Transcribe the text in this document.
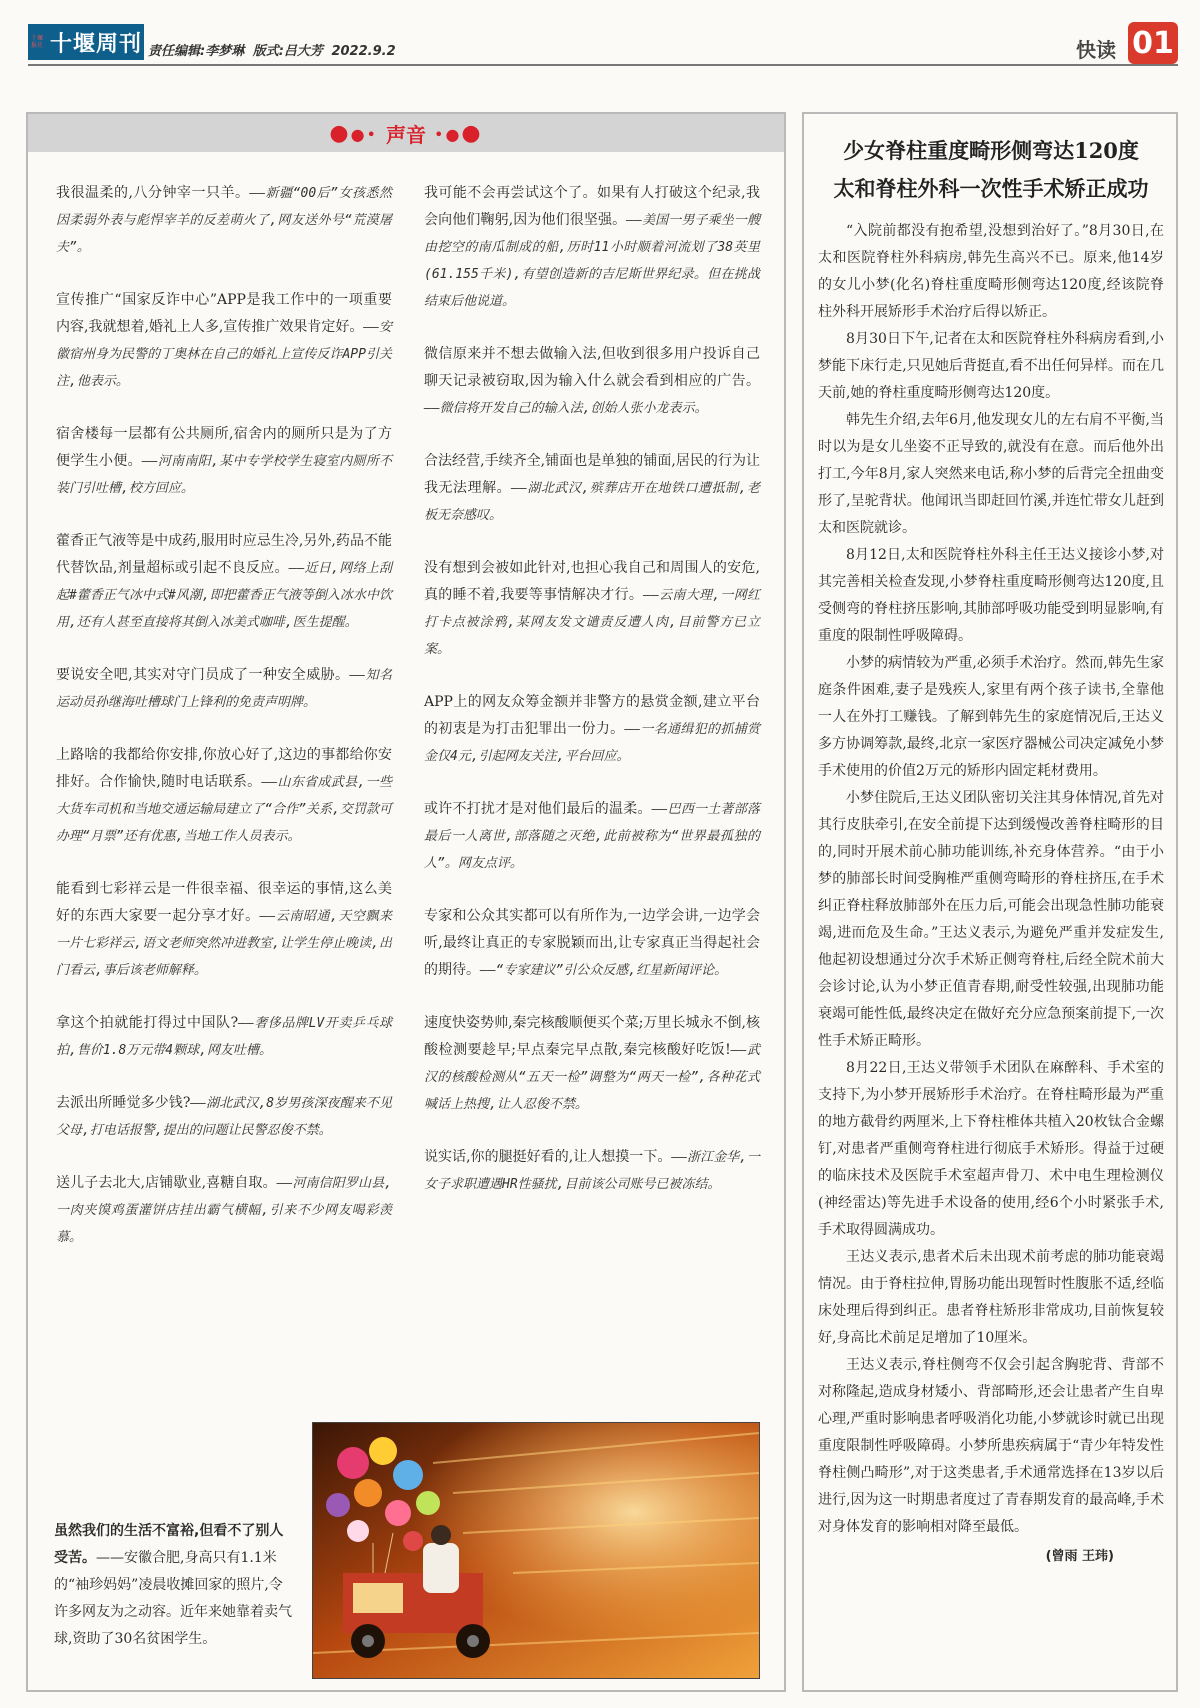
十堰报社 十堰周刊 责任编辑:李梦琳 版式:吕大芳 2022.9.2	快读 01
●●• 声音 •●●
我很温柔的,八分钟宰一只羊。——新疆“00后”女孩悉然因柔弱外表与彪悍宰羊的反差萌火了,网友送外号“荒漠屠夫”。
宣传推广“国家反诈中心”APP是我工作中的一项重要内容,我就想着,婚礼上人多,宣传推广效果肯定好。——安徽宿州身为民警的丁奥林在自己的婚礼上宣传反诈APP引关注,他表示。
宿舍楼每一层都有公共厕所,宿舍内的厕所只是为了方便学生小便。——河南南阳,某中专学校学生寝室内厕所不装门引吐槽,校方回应。
藿香正气液等是中成药,服用时应忌生冷,另外,药品不能代替饮品,剂量超标或引起不良反应。——近日,网络上刮起#藿香正气冰中式#风潮,即把藿香正气液等倒入冰水中饮用,还有人甚至直接将其倒入冰美式咖啡,医生提醒。
要说安全吧,其实对守门员成了一种安全威胁。——知名运动员孙继海吐槽球门上锋利的免责声明牌。
上路啥的我都给你安排,你放心好了,这边的事都给你安排好。合作愉快,随时电话联系。——山东省成武县,一些大货车司机和当地交通运输局建立了“合作”关系,交罚款可办理“月票”还有优惠,当地工作人员表示。
能看到七彩祥云是一件很幸福、很幸运的事情,这么美好的东西大家要一起分享才好。——云南昭通,天空飘来一片七彩祥云,语文老师突然冲进教室,让学生停止晚读,出门看云,事后该老师解释。
拿这个拍就能打得过中国队?——奢侈品牌LV开卖乒乓球拍,售价1.8万元带4颗球,网友吐槽。
去派出所睡觉多少钱?——湖北武汉,8岁男孩深夜醒来不见父母,打电话报警,提出的问题让民警忍俊不禁。
送儿子去北大,店铺歇业,喜糖自取。——河南信阳罗山县,一肉夹馍鸡蛋灌饼店挂出霸气横幅,引来不少网友喝彩羡慕。
我可能不会再尝试这个了。如果有人打破这个纪录,我会向他们鞠躬,因为他们很坚强。——美国一男子乘坐一艘由挖空的南瓜制成的船,历时11小时顺着河流划了38英里(61.155千米),有望创造新的吉尼斯世界纪录。但在挑战结束后他说道。
微信原来并不想去做输入法,但收到很多用户投诉自己聊天记录被窃取,因为输入什么就会看到相应的广告。——微信将开发自己的输入法,创始人张小龙表示。
合法经营,手续齐全,铺面也是单独的铺面,居民的行为让我无法理解。——湖北武汉,殡葬店开在地铁口遭抵制,老板无奈感叹。
没有想到会被如此针对,也担心我自己和周围人的安危,真的睡不着,我要等事情解决才行。——云南大理,一网红打卡点被涂鸦,某网友发文谴责反遭人肉,目前警方已立案。
APP上的网友众筹金额并非警方的悬赏金额,建立平台的初衷是为打击犯罪出一份力。——一名通缉犯的抓捕赏金仅4元,引起网友关注,平台回应。
或许不打扰才是对他们最后的温柔。——巴西一土著部落最后一人离世,部落随之灭绝,此前被称为“世界最孤独的人”。网友点评。
专家和公众其实都可以有所作为,一边学会讲,一边学会听,最终让真正的专家脱颖而出,让专家真正当得起社会的期待。——“专家建议”引公众反感,红星新闻评论。
速度快姿势帅,秦完核酸顺便买个菜;万里长城永不倒,核酸检测要趁早;早点秦完早点散,秦完核酸好吃饭!——武汉的核酸检测从“五天一检”调整为“两天一检”,各种花式喊话上热搜,让人忍俊不禁。
说实话,你的腿挺好看的,让人想摸一下。——浙江金华,一女子求职遭遇HR性骚扰,目前该公司账号已被冻结。
虽然我们的生活不富裕,但看不了别人受苦。——安徽合肥,身高只有1.1米的“袖珍妈妈”凌晨收摊回家的照片,令许多网友为之动容。近年来她靠着卖气球,资助了30名贫困学生。
少女脊柱重度畸形侧弯达120度
太和脊柱外科一次性手术矫正成功

“入院前都没有抱希望,没想到治好了。”8月30日,在太和医院脊柱外科病房,韩先生高兴不已。原来,他14岁的女儿小梦(化名)脊柱重度畸形侧弯达120度,经该院脊柱外科开展矫形手术治疗后得以矫正。

8月30日下午,记者在太和医院脊柱外科病房看到,小梦能下床行走,只见她后背挺直,看不出任何异样。而在几天前,她的脊柱重度畸形侧弯达120度。

韩先生介绍,去年6月,他发现女儿的左右肩不平衡,当时以为是女儿坐姿不正导致的,就没有在意。而后他外出打工,今年8月,家人突然来电话,称小梦的后背完全扭曲变形了,呈驼背状。他闻讯当即赶回竹溪,并连忙带女儿赶到太和医院就诊。

8月12日,太和医院脊柱外科主任王达义接诊小梦,对其完善相关检查发现,小梦脊柱重度畸形侧弯达120度,且受侧弯的脊柱挤压影响,其肺部呼吸功能受到明显影响,有重度的限制性呼吸障碍。

小梦的病情较为严重,必须手术治疗。然而,韩先生家庭条件困难,妻子是残疾人,家里有两个孩子读书,全靠他一人在外打工赚钱。了解到韩先生的家庭情况后,王达义多方协调筹款,最终,北京一家医疗器械公司决定减免小梦手术使用的价值2万元的矫形内固定耗材费用。

小梦住院后,王达义团队密切关注其身体情况,首先对其行皮肤牵引,在安全前提下达到缓慢改善脊柱畸形的目的,同时开展术前心肺功能训练,补充身体营养。“由于小梦的肺部长时间受胸椎严重侧弯畸形的脊柱挤压,在手术纠正脊柱释放肺部外在压力后,可能会出现急性肺功能衰竭,进而危及生命。”王达义表示,为避免严重并发症发生,他起初设想通过分次手术矫正侧弯脊柱,后经全院术前大会诊讨论,认为小梦正值青春期,耐受性较强,出现肺功能衰竭可能性低,最终决定在做好充分应急预案前提下,一次性手术矫正畸形。

8月22日,王达义带领手术团队在麻醉科、手术室的支持下,为小梦开展矫形手术治疗。在脊柱畸形最为严重的地方截骨约两厘米,上下脊柱椎体共植入20枚钛合金螺钉,对患者严重侧弯脊柱进行彻底手术矫形。得益于过硬的临床技术及医院手术室超声骨刀、术中电生理检测仪(神经雷达)等先进手术设备的使用,经6个小时紧张手术,手术取得圆满成功。

王达义表示,患者术后未出现术前考虑的肺功能衰竭情况。由于脊柱拉伸,胃肠功能出现暂时性腹胀不适,经临床处理后得到纠正。患者脊柱矫形非常成功,目前恢复较好,身高比术前足足增加了10厘米。

王达义表示,脊柱侧弯不仅会引起含胸驼背、背部不对称隆起,造成身材矮小、背部畸形,还会让患者产生自卑心理,严重时影响患者呼吸消化功能,小梦就诊时就已出现重度限制性呼吸障碍。小梦所患疾病属于“青少年特发性脊柱侧凸畸形”,对于这类患者,手术通常选择在13岁以后进行,因为这一时期患者度过了青春期发育的最高峰,手术对身体发育的影响相对降至最低。

(曾雨 王玮)
